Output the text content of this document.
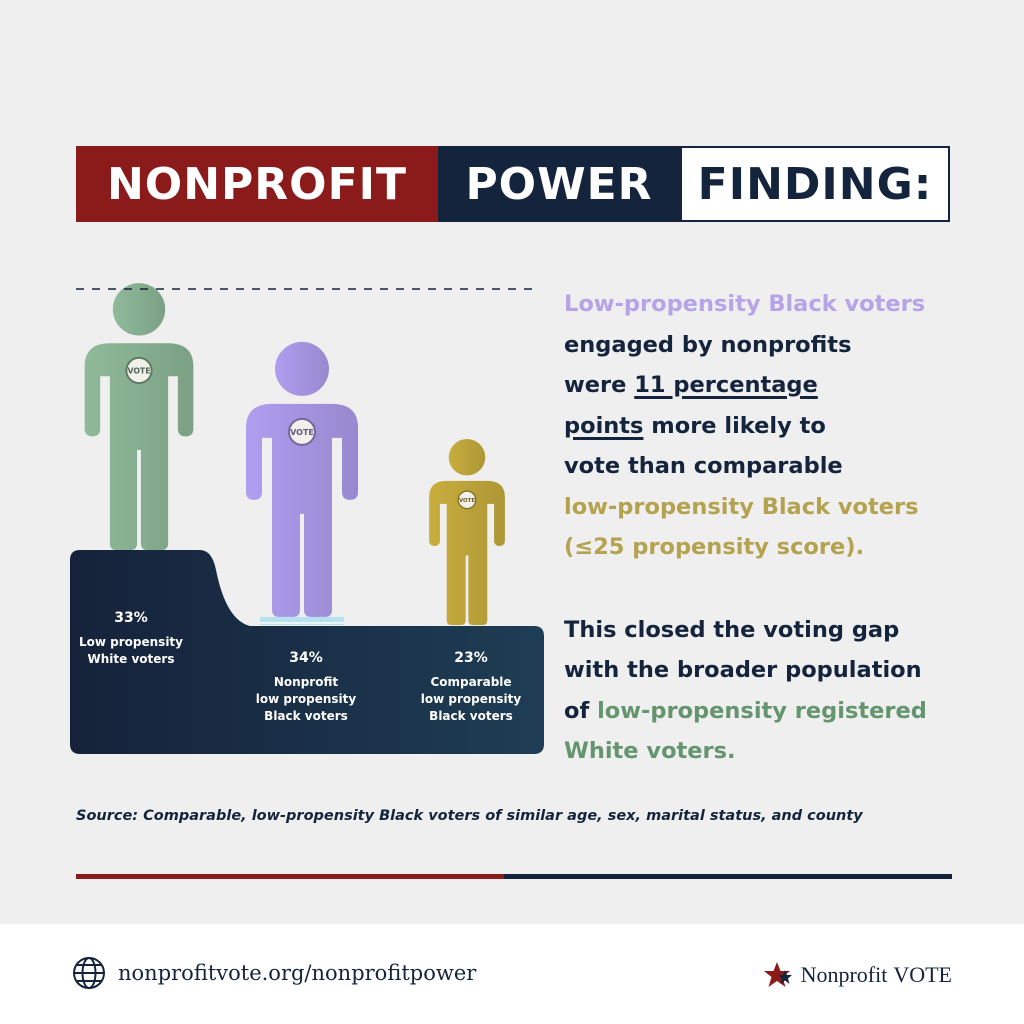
NONPROFIT	POWER	FINDING:
VOTE
VOTE
VOTE
33%
Low propensity
White voters	34%
Nonprofit
low propensity
Black voters
23%
Comparable
low propensity
Black voters

Low-propensity Black voters
engaged by nonprofits
were 11 percentage
points more likely to
vote than comparable
low-propensity Black voters
(≤25 propensity score).

This closed the voting gap
with the broader population
of low-propensity registered
White voters.

Source: Comparable, low-propensity Black voters of similar age, sex, marital status, and county
nonprofitvote.org/nonprofitpower	Nonprofit VOTE
